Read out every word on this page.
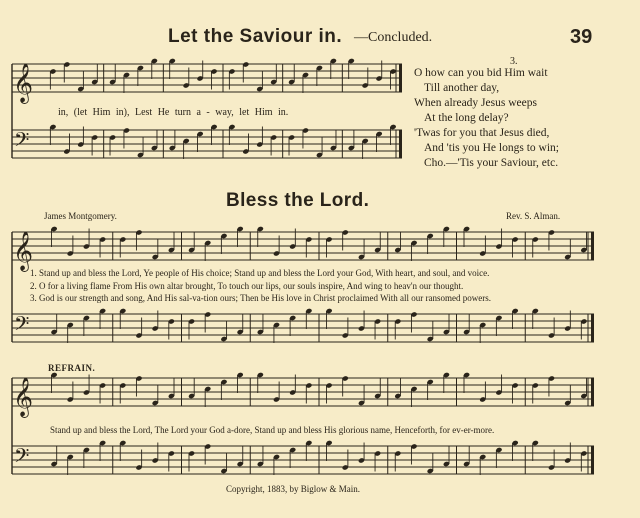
𝄞
𝄢
𝄞
𝄢
𝄞
𝄢
Let the Saviour in. —Concluded.	39
in, (let Him in), Lest He turn a - way, let Him in.
3.
O how can you bid Him wait
Till another day,
When already Jesus weeps
At the long delay?
'Twas for you that Jesus died,
And 'tis you He longs to win;
Cho.—'Tis your Saviour, etc.
Bless the Lord.
James Montgomery.	Rev. S. Alman.
1. Stand up and bless the Lord, Ye people of His choice; Stand up and bless the Lord your God, With heart, and soul, and voice.
2. O for a living flame From His own altar brought, To touch our lips, our souls inspire, And wing to heav'n our thought.
3. God is our strength and song, And His sal-va-tion ours; Then be His love in Christ proclaimed With all our ransomed powers.
REFRAIN.
Stand up and bless the Lord, The Lord your God a-dore, Stand up and bless His glorious name, Henceforth, for ev-er-more.
Copyright, 1883, by Biglow & Main.
